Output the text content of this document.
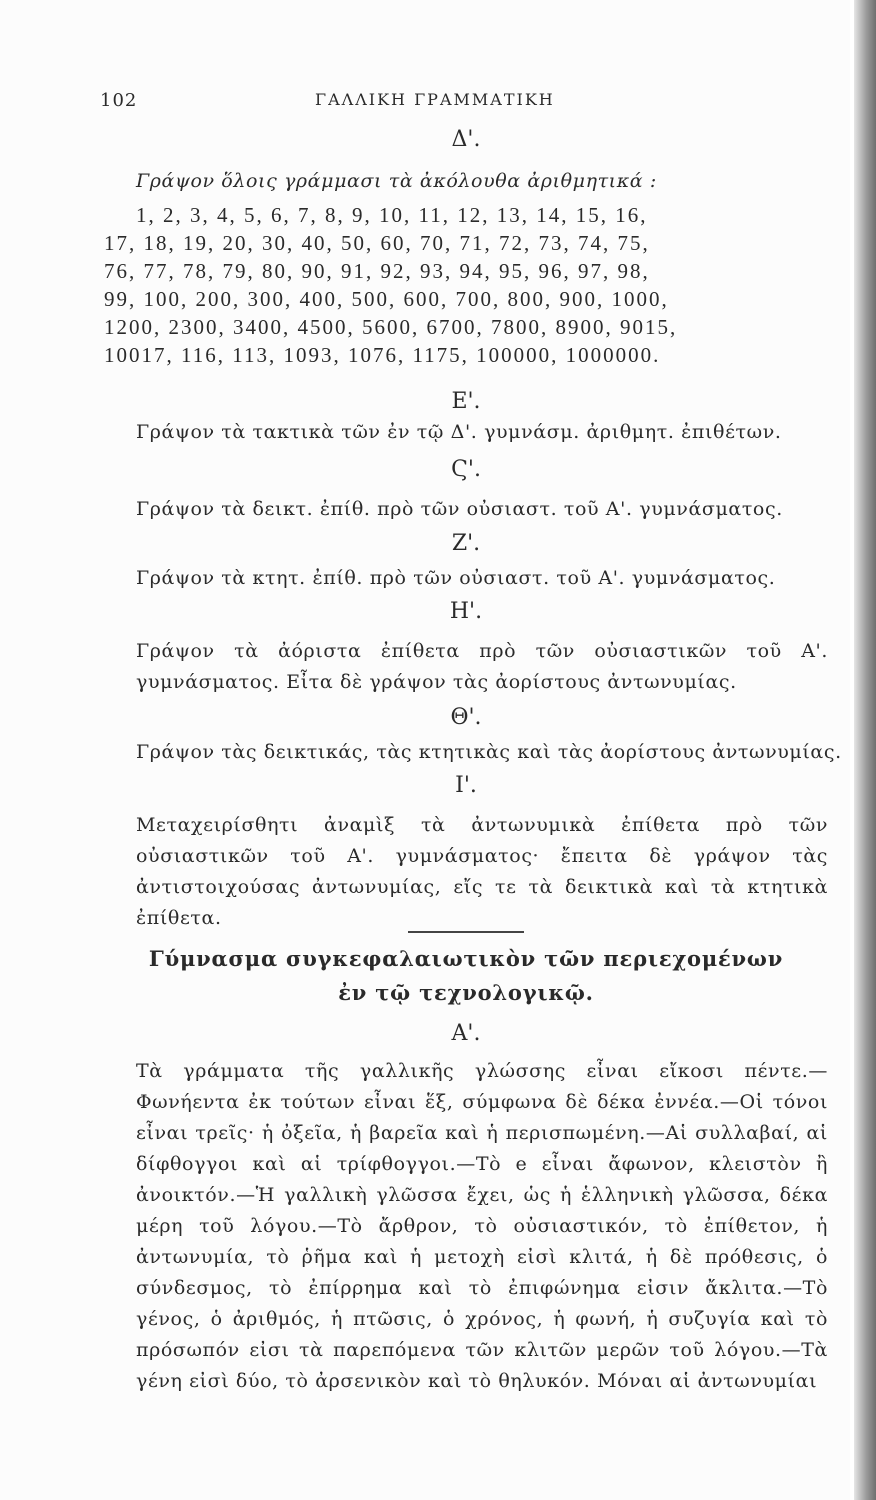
102	ΓΑΛΛΙΚΗ ΓΡΑΜΜΑΤΙΚΗ
Δ'.

Γράψον ὅλοις γράμμασι τὰ ἀκόλουθα ἀριθμητικά :

1, 2, 3, 4, 5, 6, 7, 8, 9, 10, 11, 12, 13, 14, 15, 16,

17, 18, 19, 20, 30, 40, 50, 60, 70, 71, 72, 73, 74, 75,

76, 77, 78, 79, 80, 90, 91, 92, 93, 94, 95, 96, 97, 98,

99, 100, 200, 300, 400, 500, 600, 700, 800, 900, 1000,

1200, 2300, 3400, 4500, 5600, 6700, 7800, 8900, 9015,

10017, 116, 113, 1093, 1076, 1175, 100000, 1000000.

Ε'.

Γράψον τὰ τακτικὰ τῶν ἐν τῷ Δ'. γυμνάσμ. ἀριθμητ. ἐπιθέτων.

Ϛ'.

Γράψον τὰ δεικτ. ἐπίθ. πρὸ τῶν οὐσιαστ. τοῦ Α'. γυμνάσματος.

Ζ'.

Γράψον τὰ κτητ. ἐπίθ. πρὸ τῶν οὐσιαστ. τοῦ Α'. γυμνάσματος.

Η'.

Γράψον τὰ ἀόριστα ἐπίθετα πρὸ τῶν οὐσιαστικῶν τοῦ Α'. γυμνάσματος. Εἶτα δὲ γράψον τὰς ἀορίστους ἀντωνυμίας.

Θ'.

Γράψον τὰς δεικτικάς, τὰς κτητικὰς καὶ τὰς ἀορίστους ἀντωνυμίας.

Ι'.

Μεταχειρίσθητι ἀναμὶξ τὰ ἀντωνυμικὰ ἐπίθετα πρὸ τῶν οὐσιαστικῶν τοῦ Α'. γυμνάσματος· ἔπειτα δὲ γράψον τὰς ἀντιστοιχούσας ἀντωνυμίας, εἴς τε τὰ δεικτικὰ καὶ τὰ κτητικὰ ἐπίθετα.

Γύμνασμα συγκεφαλαιωτικὸν τῶν περιεχομένων

ἐν τῷ τεχνολογικῷ.

Α'.

Τὰ γράμματα τῆς γαλλικῆς γλώσσης εἶναι εἴκοσι πέντε.—Φωνήεντα ἐκ τούτων εἶναι ἕξ, σύμφωνα δὲ δέκα ἐννέα.—Οἱ τόνοι εἶναι τρεῖς· ἡ ὀξεῖα, ἡ βαρεῖα καὶ ἡ περισπωμένη.—Αἱ συλλαβαί, αἱ δίφθογγοι καὶ αἱ τρίφθογγοι.—Τὸ e εἶναι ἄφωνον, κλειστὸν ἢ ἀνοικτόν.—Ἡ γαλλικὴ γλῶσσα ἔχει, ὡς ἡ ἑλληνικὴ γλῶσσα, δέκα μέρη τοῦ λόγου.—Τὸ ἄρθρον, τὸ οὐσιαστικόν, τὸ ἐπίθετον, ἡ ἀντωνυμία, τὸ ῥῆμα καὶ ἡ μετοχὴ εἰσὶ κλιτά, ἡ δὲ πρόθεσις, ὁ σύνδεσμος, τὸ ἐπίρρημα καὶ τὸ ἐπιφώνημα εἰσιν ἄκλιτα.—Τὸ γένος, ὁ ἀριθμός, ἡ πτῶσις, ὁ χρόνος, ἡ φωνή, ἡ συζυγία καὶ τὸ πρόσωπόν εἰσι τὰ παρεπόμενα τῶν κλιτῶν μερῶν τοῦ λόγου.—Τὰ γένη εἰσὶ δύο, τὸ ἀρσενικὸν καὶ τὸ θηλυκόν. Μόναι αἱ ἀντωνυμίαι
